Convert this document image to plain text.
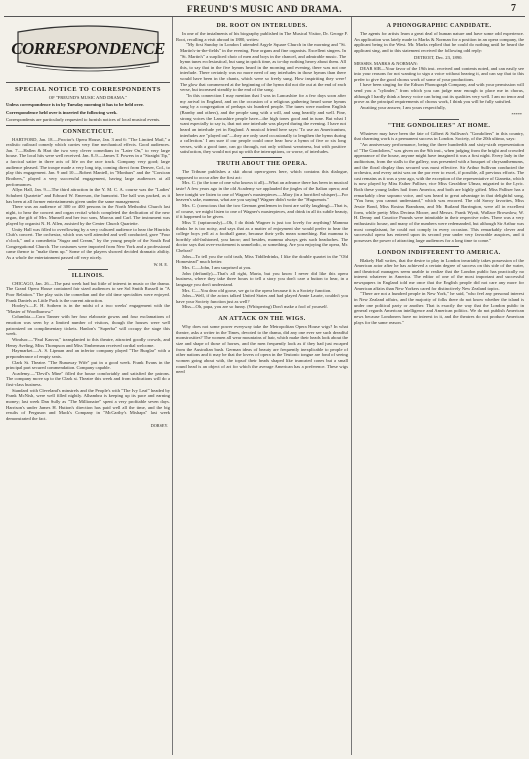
FREUND'S MUSIC AND DRAMA.	7
CORRESPONDENCE
SPECIAL NOTICE TO CORRESPONDENTS
OF "FREUND'S MUSIC AND DRAMA."
Unless correspondence is in by Tuesday morning it has to be held over.
Correspondence held over is inserted the following week.
Correspondents are particularly requested to furnish notices of local musical events.
CONNECTICUT.

HARTFORD, Jan. 18.—Proctor's Opera House, Jan. 3 and 6: "The Limited Mail," a realistic railroad comedy which carries very fine mechanical effects. Good audiences. Jan. 7.—Hallen & Hart the two very clever comedians in "Later On," to very large house. The local hits were well received. Jan. 8–9.—James T. Powers in a "Straight Tip," a farcical satire in three acts of life on the race track. Company very good; large audience pleased. The troupe made a very long trip, coming direct from Denver, Col., to play this engagement. Jan. 9 and 10.—Robert Mantell, in "Monbars" and the "Corsican Brothers," played a very successful engagement, having large audiences at all performances.

Allyn Hall, Jan. 9.—The third attraction in the Y. M. C. A. course was the "Ladies' Schubert Quartette" and Edward W. Emerson, the humorist. The hall was packed, as it has been at all former entertainments given under the same management.

There was an audience of 300 or 400 persons in the North Methodist Church last night, to hear the concert and organ recital which completed the dedication of the new organ, the gift of Mrs. Munsell and her two sons, Marcus and Carl. The instrument was played by organist N. H. Allen, assisted by the Center Church Quartette.

Unity Hall was filled to overflowing by a very cultured audience to hear the Hinrichs Club's concert. The orchestra, which was well attended and well conducted, gave "Four o'clock," and a comedietta "Sugar and Cream," by the young people of the South End Congregational Church. The costumes were imported from New York and a professional came thence to "make them up." Some of the players showed decided dramatic ability. As a whole the entertainment passed off very nicely.

W. H. E.
ILLINOIS.

CHICAGO, Jan. 26.—The past week had but little of interest in music or the drama. The Grand Opera House contained fair sized audiences to see Sol Smith Russell in "A Poor Relation." The play suits the comedian and the old time specialties were enjoyed. Frank Daniels as Little Puck is the current attraction.

Hooley's.—E. H. Sothern is in the midst of a two weeks' engagement with the "Master of Woodbarrow."

Columbia.—Cora Tanner with her four elaborate gowns and four exclamations of emotion was seen by a limited number of visitors, though the houses were well patronized on complimentary tickets. Hanlon's "Superba" will occupy the stage this week.

Windsor.—"Paul Kauvar," transplanted to this theatre, attracted goodly crowds, and Henry Aveling, Miss Thompson and Miss Timberman received cordial welcome.

Haymarket.—A. S. Lipman and an inferior company played "The Burglar" with a preponderance of empty seats.

Clark St. Theatre. "The Runaway Wife" put in a good week. Frank Evans in the principal part secured commendation. Company capable.

Academy.—"Devil's Mine" filled the house comfortably and satisfied the patrons. The company move up to the Clark st. Theatre this week and from indications will do a first-class business.

Standard with Cleveland's minstrels and the People's with "The Ivy Leaf" headed by Frank McNish, were well filled nightly. Alhambra is keeping up its pace and earning money; last week Dan Sully as "The Millionaire" spent a very profitable seven days. Harrison's under James H. Hutton's direction has paid well all the time, and the big results of Ferguson and Mack's Company in "McCarthy's Mishaps" last week demonstrated the fact.

DORSEY.
DR. ROOT ON INTERLUDES.

In one of the instalments of his biography published in The Musical Visitor, Dr. George F. Root, recalling a visit abroad in 1880, writes:

"My first Sunday in London I attended Argyle Square Church in the morning and "St. Martin's-in-the-fields" in the evening. Fine organs and fine organists. Excellent singers. In "St. Martin's" a surpliced choir of men and boys in the chancel, and admirable music. The hymn tunes ecclesiastical, but sung in quick time, as to-day nothing heavy about them. All this, to say that in the five hymns heard in the morning and evening, there was not one interlude. There certainly was no more need of any interludes in those hymns than there would have been in the chants, which were so freely sung. How inspiriting they were! The glow that commenced at the beginning of the hymn did not die out at the end of each verse, but increased steadily to the end of the song.

"In this connection I may mention that I was in Lancashire for a few days soon after my arrival in England, and on the occasion of a religious gathering heard some hymns sung by a congregation of perhaps six hundred people. The tunes were modern English (Barnby and others), and the people sang with a will, and sang heartily and well. Fine, strong voices the Lancashire people have—the high tones good and in tune. But what I want especially to say is, that not one interlude was played during the evening. I have not heard an interlude yet in England. A musical friend here says: 'To use an Americanism, interludes are "played out"—they are only used occasionally to lengthen the hymn during a collection.' I am sure if our people could once hear how a hymn of five or six long verses, with a good tune, can go through, not only without weariness, but with positive satisfaction, they would not put up with the interruptions, or worse, of interludes.

TRUTH ABOUT THE OPERA.

The Tribune publishes a skit about opera-goers here, which contains this dialogue, supposed to occur after the first act:

Mrs. C. (to the tone of one who knows it all)—What an advance there has been in musical taste! A few years ago in the old Academy we applauded the jingles of the Italian opera; and here tonight we listen to one of Wagner's masterpieces.—Mary (in a horrified whisper)—For heaven's sake, mamma, what are you saying? Wagner didn't write the "Huguenots."

Mrs. C. (conscious that the two German gentlemen in front are softly laughing)—That is, of course, we might listen to one of Wagner's masterpieces, and drink in all its subtle beauty, if it happened to be given.

Miss T. (rapturously)—Oh, I do think Wagner is just too lovely for anything! Mamma thinks he is too noisy, and says that as a matter of enjoyment she would prefer to hear the college boys yell at a football game, because their yells mean something. But mamma is horribly old-fashioned, you know; and besides, mamma always gets such headaches. The doctor says that over-excitement is unmelodic, or something. Are you enjoying the opera, Mr. Chelsea?

John—To tell you the cold truth, Miss Tiddledrinks, I like the double quartet in the "Old Homestead" much better.

Mrs. C.—John, I am surprised at you.

John (defiantly)—That's all right, Marta, but you know I never did like this opera business, where they take three hours to tell a story you don't care a button to hear, in a language you don't understand.

Mrs. C.—You dear old goose, we go to the opera because it is a Society function.

John—Well, if the actors talked United States and had played Annie Laurie, couldn't you have your Society function just as well?

Miss—Oh, papa, you are so funny. (Whispering) Don't make a fool of yourself.

AN ATTACK ON THE WIGS.

Why does not some power everyway take the Metropolitan Opera House wigs? In what theatre, asks a writer in the Times, devoted to the drama, did any one ever see such dreadful monstrosities? The women all wear mountains of hair, which make their heads look about the size and shape of those of horses, and the men frequently look as if they had just escaped from the Australian bush. German ideas of beauty are frequently inexplicable to people of other nations and it may be that the lovers of opera in the Teutonic tongue are fond of seeing women going about with, the topsof their heads shaped like truncated cones but a small round head is an object of art for which the average American has a preference. These wigs need

A PHONOGRAPHIC CANDIDATE.

The agents for artists learn a great deal of human nature and have some odd experience. An application was lately made to Marks & Norman for a position in an opera company, the applicant being in the West. Mr. Marks replied that he could do nothing until he heard the applicant sing, and to this statement received the following odd reply:

DETROIT, Dec. 23, 1890.
MESSRS. MARKS & NORMAN:

DEAR SIR—Your favor of the 19th inst. received and contents noted, and can easily see into your reasons for not wanting to sign a voice without hearing it, and can say that to this prefer to give the good chorus work of some of your productions.

I have been singing for the Edison Phonograph Company, and with your permission will send you a "cylinder," from which you can judge near enough to place me in chorus, although I hardly think a heavy voice can bring out its qualities very well. I am no tenor and prove as the principal requirements of chorus work, I think you will be fully satisfied.

Awaiting your answer, I am yours respectfully,

*****
"THE GONDOLIERS" AT HOME.

Whatever may have been the fate of Gilbert & Sullivan's "Gondoliers" in this country, that charming work is a permanent success in London. Society, of the 20th ultimo, says:

"An anniversary performance, being the three hundredth and sixty-sixth representation of "The Gondoliers," was given on the 9th inst., when judging from the bright and crowded appearance of the house, anyone might have imagined it was a first night. Every lady in the auditorium, from the stalls to the gallery, was presented with a bouquet of chrysanthemums, and the floral display thus secured was most effective. Sir Arthur Sullivan conducted the orchestra, and every artist was on the par ever to excel, if possible, all previous efforts. The cast remains as it was a year ago, with the exception of the representative of Gianetta, which is now played by Miss Esther Palliser, vice Miss Geraldine Ulmar, migrated to the Lyric. Both these young ladies hail from America, and both are highly gifted. Miss Palliser has a remarkably clear soprano voice, and was heard to great advantage in that delightful song, "You hear, you cannot understand," which was encored. The old Savoy favorites, Miss Jessie Bond, Miss Rosina Brandram, and Mr. Rutland Barrington, were all in excellent form, while pretty Miss Decima Moore, and Messrs. Frank Wyatt, Wallace Brownlow, W. H. Denny and Courtice Pounds were inimitable in their respective roles. There was a very enthusiastic house, and many of the numbers were redemanded, but although Sir Arthur was most complaisant, he could not comply in every occasion. This remarkably clever and successful opera has entered upon its second year under very favorable auspices, and it possesses the power of attracting large audiences for a long time to come."

LONDON INDIFFERENT TO AMERICA.

Blakely Hall writes, that the desire to play in London invariably takes possession of the American actor after he has achieved a certain degree of success on this side of the water, and theatrical managers seem unable to realize that the London public has practically no interest whatever in America. The editor of one of the most important and successful newspapers in England told me once that the English people did not care any more for American affairs than New Yorkers cared for distinctively New Zealand topics.

"There are not a hundred people in New York," he said, "who feel any personal interest in New Zealand affairs, and the majority of folks there do not know whether the island is under one political party or another. That is exactly the way that the London public in general regards American intelligence and American politics. We do not publish American news because Londoners have no interest in it, and the theatres do not produce American plays for the same reason."
